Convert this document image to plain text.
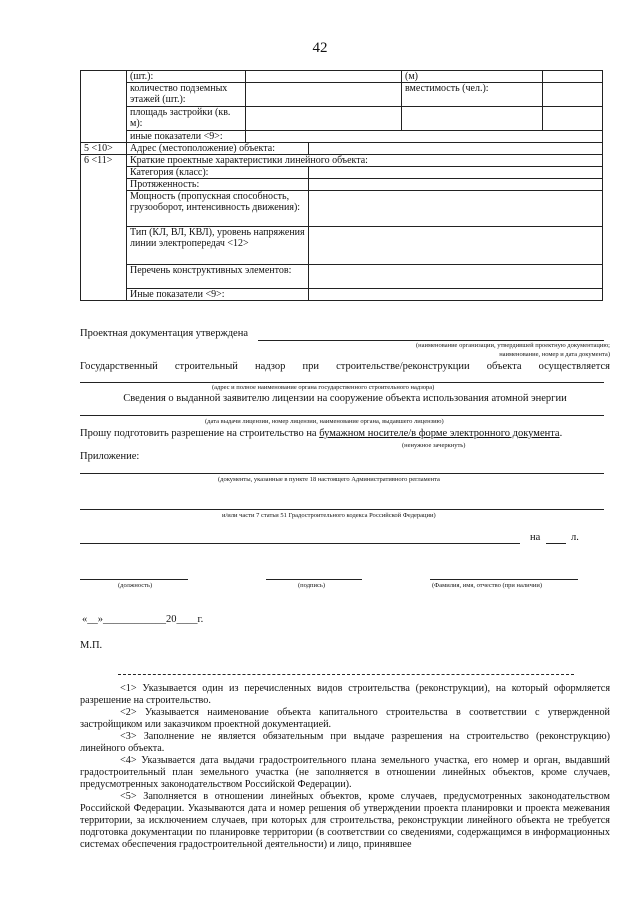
42
	(шт.):			(м)	
	количество подземных этажей (шт.):			вместимость (чел.):	
	площадь застройки (кв. м):				
	иные показатели <9>:				
5 <10>	Адрес (местоположение) объекта:				
6 <11>	Краткие проектные характеристики линейного объекта:				
	Категория (класс):				
	Протяженность:				
	Мощность (пропускная способность, грузооборот, интенсивность движения):				
	Тип (КЛ, ВЛ, КВЛ), уровень напряжения линии электропередач <12>				
	Перечень конструктивных элементов:				
	Иные показатели <9>:				
Проектная документация утверждена
(наименование организации, утвердившей проектную документацию;
наименование, номер и дата документа)
Государственный строительный надзор при строительстве/реконструкции объекта осуществляется
(адрес и полное наименование органа государственного строительного надзора)
Сведения о выданной заявителю лицензии на сооружение объекта использования атомной энергии
(дата выдачи лицензии, номер лицензии, наименование органа, выдавшего лицензию)
Прошу подготовить разрешение на строительство на бумажном носителе/в форме электронного документа.
(ненужное зачеркнуть)
Приложение:
(документы, указанные в пункте 18 настоящего Административного регламента
и/или части 7 статьи 51 Градостроительного кодекса Российской Федерации)
на	л.
(должность)	(подпись)	(Фамилия, имя, отчество (при наличии)
«__»____________20____г.
М.П.

<1> Указывается один из перечисленных видов строительства (реконструкции), на который оформляется разрешение на строительство.

<2> Указывается наименование объекта капитального строительства в соответствии с утвержденной застройщиком или заказчиком проектной документацией.

<3> Заполнение не является обязательным при выдаче разрешения на строительство (реконструкцию) линейного объекта.

<4> Указывается дата выдачи градостроительного плана земельного участка, его номер и орган, выдавший градостроительный план земельного участка (не заполняется в отношении линейных объектов, кроме случаев, предусмотренных законодательством Российской Федерации).

<5> Заполняется в отношении линейных объектов, кроме случаев, предусмотренных законодательством Российской Федерации. Указываются дата и номер решения об утверждении проекта планировки и проекта межевания территории, за исключением случаев, при которых для строительства, реконструкции линейного объекта не требуется подготовка документации по планировке территории (в соответствии со сведениями, содержащимся в информационных системах обеспечения градостроительной деятельности) и лицо, принявшее
